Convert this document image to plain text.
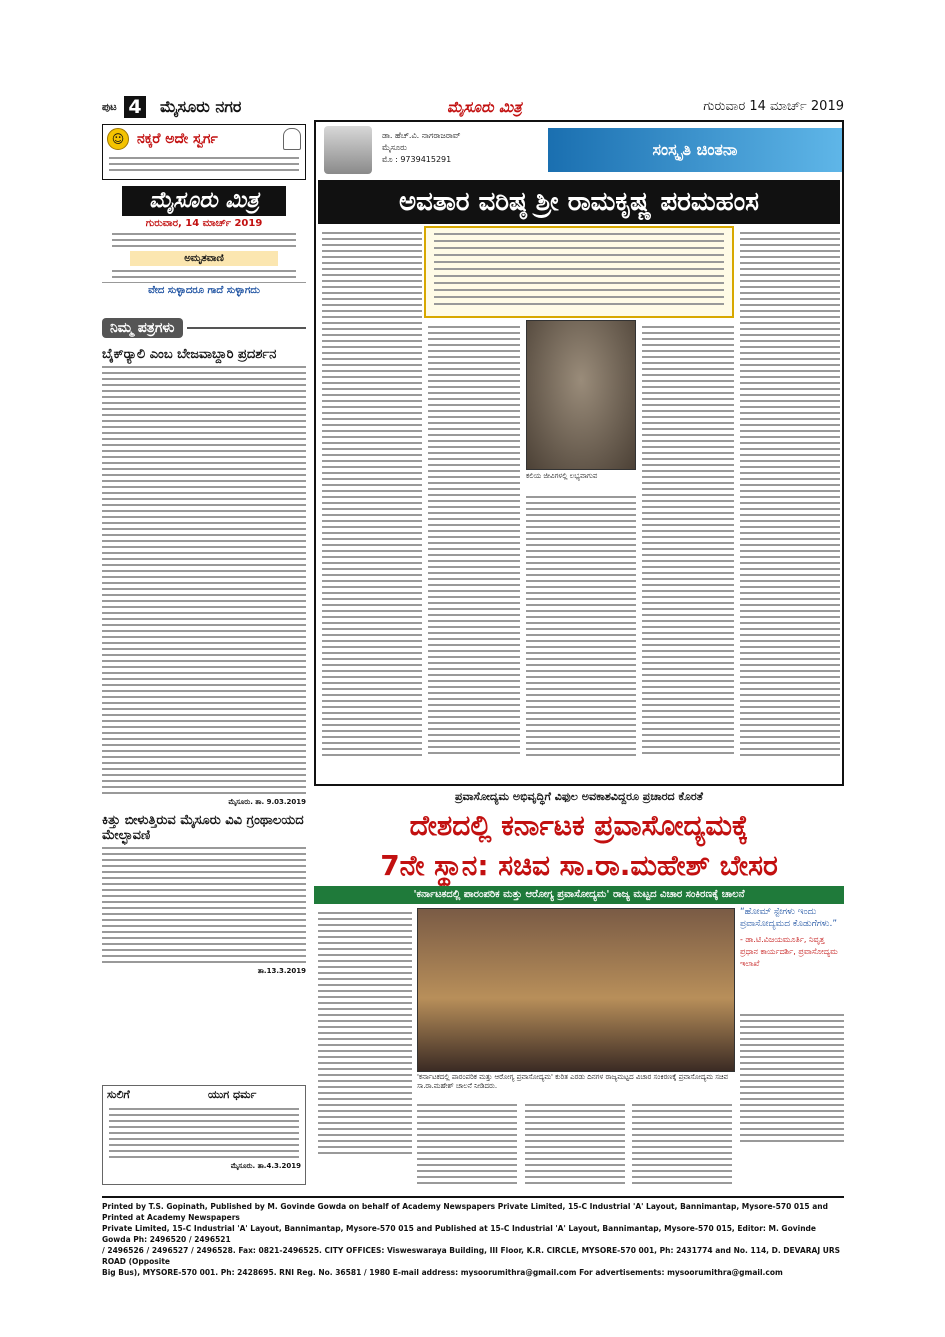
ಪುಟ 4 ಮೈಸೂರು ನಗರ	ಮೈಸೂರು ಮಿತ್ರ	ಗುರುವಾರ 14 ಮಾರ್ಚ್ 2019
☺ ನಕ್ಕರೆ ಅದೇ ಸ್ವರ್ಗ
ಮೈಸೂರು ಮಿತ್ರ
ಗುರುವಾರ, 14 ಮಾರ್ಚ್ 2019
ಅಮೃತವಾಣಿ
ವೇದ ಸುಳ್ಳಾದರೂ ಗಾದೆ ಸುಳ್ಳಾಗದು
ನಿಮ್ಮ ಪತ್ರಗಳು
ಬೈಕ್‌ರ್‍ಯಾಲಿ ಎಂಬ ಬೇಜವಾಬ್ದಾರಿ ಪ್ರದರ್ಶನ
ಮೈಸೂರು. ತಾ. 9.03.2019
ಕಿತ್ತು ಬೀಳುತ್ತಿರುವ ಮೈಸೂರು ವಿವಿ ಗ್ರಂಥಾಲಯದ ಮೇಲ್ಛಾವಣಿ
ತಾ.13.3.2019
ಸುಲಿಗೆ	ಯುಗ ಧರ್ಮ
ಮೈಸೂರು. ತಾ.4.3.2019
ಡಾ. ಹೆಚ್.ವಿ. ನಾಗರಾಜರಾವ್
ಮೈಸೂರು
ಮೊ : 9739415291
ಸಂಸ್ಕೃತಿ ಚಿಂತನಾ
ಅವತಾರ ವರಿಷ್ಠ ಶ್ರೀ ರಾಮಕೃಷ್ಣ ಪರಮಹಂಸ
ಕಲಿಯ ಜೀವಿಗಳಲ್ಲಿ ಲಭ್ಯವಾಗುವ
ಪ್ರವಾಸೋದ್ಯಮ ಅಭಿವೃದ್ಧಿಗೆ ವಿಫುಲ ಅವಕಾಶವಿದ್ದರೂ ಪ್ರಚಾರದ ಕೊರತೆ
ದೇಶದಲ್ಲಿ ಕರ್ನಾಟಕ ಪ್ರವಾಸೋದ್ಯಮಕ್ಕೆ
7ನೇ ಸ್ಥಾನ: ಸಚಿವ ಸಾ.ರಾ.ಮಹೇಶ್ ಬೇಸರ
'ಕರ್ನಾಟಕದಲ್ಲಿ ಪಾರಂಪರಿಕ ಮತ್ತು ಆರೋಗ್ಯ ಪ್ರವಾಸೋದ್ಯಮ' ರಾಜ್ಯ ಮಟ್ಟದ ವಿಚಾರ ಸಂಕಿರಣಕ್ಕೆ ಚಾಲನೆ
'ಕರ್ನಾಟಕದಲ್ಲಿ ಪಾರಂಪರಿಕ ಮತ್ತು ಆರೋಗ್ಯ ಪ್ರವಾಸೋದ್ಯಮ' ಕುರಿತ ಎರಡು ದಿನಗಳ ರಾಜ್ಯಮಟ್ಟದ ವಿಚಾರ ಸಂಕಿರಣಕ್ಕೆ ಪ್ರವಾಸೋದ್ಯಮ ಸಚಿವ ಸಾ.ರಾ.ಮಹೇಶ್ ಚಾಲನೆ ನೀಡಿದರು.
“ಹೋಮ್ ಸ್ಟೇಗಳು ಇಂದು ಪ್ರವಾಸೋದ್ಯಮದ ಕೊಡುಗೆಗಳು.”
- ಡಾ.ಟಿ.ವಿಜಯಮೂರ್ತಿ, ನಿವೃತ್ತ ಪ್ರಧಾನ ಕಾರ್ಯದರ್ಶಿ, ಪ್ರವಾಸೋದ್ಯಮ ಇಲಾಖೆ
Printed by T.S. Gopinath, Published by M. Govinde Gowda on behalf of Academy Newspapers Private Limited, 15-C Industrial 'A' Layout, Bannimantap, Mysore-570 015 and Printed at Academy Newspapers
Private Limited, 15-C Industrial 'A' Layout, Bannimantap, Mysore-570 015 and Published at 15-C Industrial 'A' Layout, Bannimantap, Mysore-570 015, Editor: M. Govinde Gowda Ph: 2496520 / 2496521
/ 2496526 / 2496527 / 2496528. Fax: 0821-2496525. CITY OFFICES: Visweswaraya Building, III Floor, K.R. CIRCLE, MYSORE-570 001, Ph: 2431774 and No. 114, D. DEVARAJ URS ROAD (Opposite
Big Bus), MYSORE-570 001. Ph: 2428695. RNI Reg. No. 36581 / 1980 E-mail address: mysoorumithra@gmail.com For advertisements: mysoorumithra@gmail.com
